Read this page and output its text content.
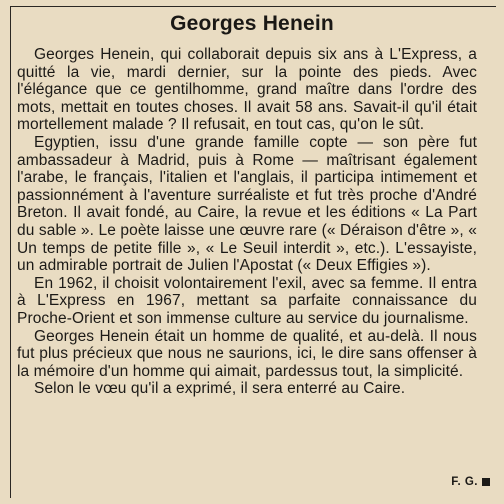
Georges Henein

Georges Henein, qui collaborait depuis six ans à L'Express, a quitté la vie, mardi dernier, sur la pointe des pieds. Avec l'élégance que ce gentilhomme, grand maître dans l'ordre des mots, mettait en toutes choses. Il avait 58 ans. Savait-il qu'il était mortellement malade ? Il refusait, en tout cas, qu'on le sût.

Egyptien, issu d'une grande famille copte — son père fut ambassadeur à Madrid, puis à Rome — maîtrisant également l'arabe, le français, l'italien et l'anglais, il participa intimement et passionnément à l'aventure surréaliste et fut très proche d'André Breton. Il avait fondé, au Caire, la revue et les éditions « La Part du sable ». Le poète laisse une œuvre rare (« Déraison d'être », « Un temps de petite fille », « Le Seuil interdit », etc.). L'essayiste, un admirable portrait de Julien l'Apostat (« Deux Effigies »).

En 1962, il choisit volontairement l'exil, avec sa femme. Il entra à L'Express en 1967, mettant sa parfaite connaissance du Proche-Orient et son immense culture au service du journalisme.

Georges Henein était un homme de qualité, et au-delà. Il nous fut plus précieux que nous ne saurions, ici, le dire sans offenser à la mémoire d'un homme qui aimait, pardessus tout, la simplicité.

Selon le vœu qu'il a exprimé, il sera enterré au Caire.

F. G.
